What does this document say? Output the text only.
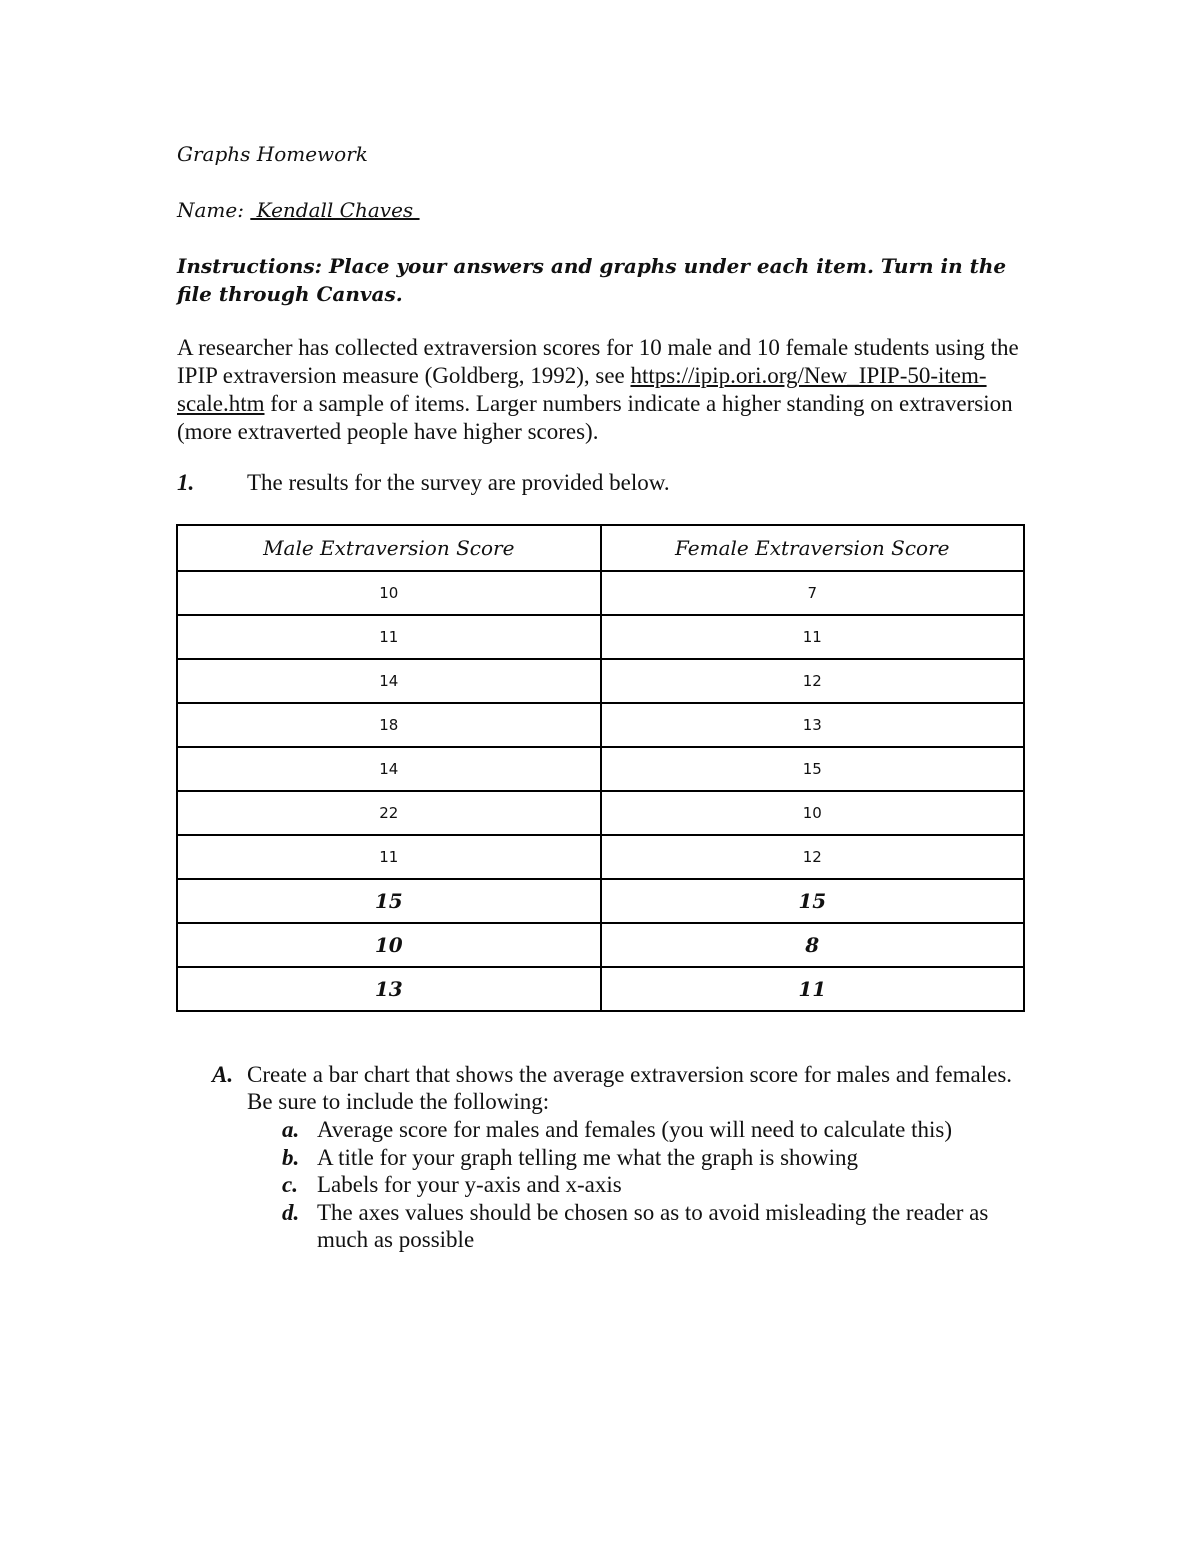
Graphs Homework
Name:  Kendall Chaves
Instructions: Place your answers and graphs under each item. Turn in the file through Canvas.
A researcher has collected extraversion scores for 10 male and 10 female students using the IPIP extraversion measure (Goldberg, 1992), see https://ipip.ori.org/New_IPIP-50-item-scale.htm for a sample of items. Larger numbers indicate a higher standing on extraversion (more extraverted people have higher scores).
1. The results for the survey are provided below.
Male Extraversion Score	Female Extraversion Score
10	7
11	11
14	12
18	13
14	15
22	10
11	12
15	15
10	8
13	11
A. Create a bar chart that shows the average extraversion score for males and females. Be sure to include the following:
a. Average score for males and females (you will need to calculate this)
b. A title for your graph telling me what the graph is showing
c. Labels for your y-axis and x-axis
d. The axes values should be chosen so as to avoid misleading the reader as much as possible
